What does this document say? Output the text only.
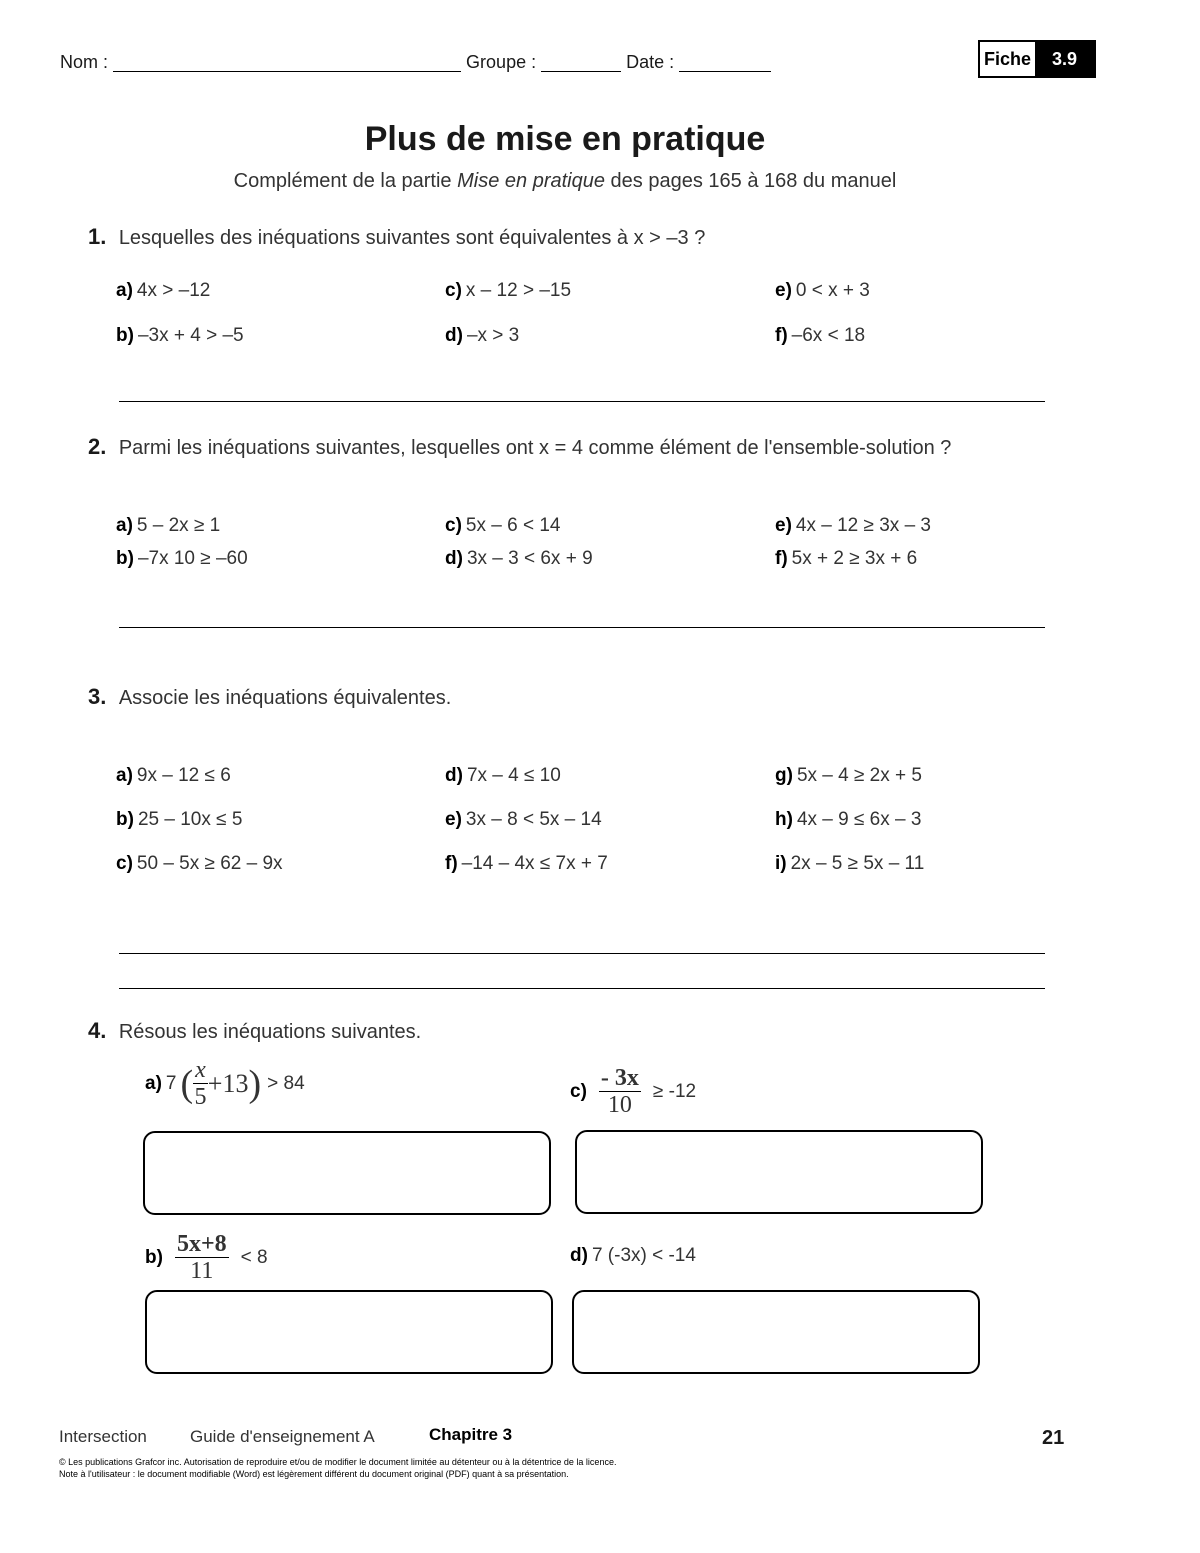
Nom :	Groupe :	Date :	Fiche	3.9
Plus de mise en pratique
Complément de la partie Mise en pratique des pages 165 à 168 du manuel
1. Lesquelles des inéquations suivantes sont équivalentes à x > –3 ?
a) 4x > –12	c) x – 12 > –15	e) 0 < x + 3
b) –3x + 4 > –5	d) –x > 3	f) –6x < 18
2. Parmi les inéquations suivantes, lesquelles ont x = 4 comme élément de l'ensemble-solution ?
a) 5 – 2x ≥ 1	c) 5x – 6 < 14	e) 4x – 12 ≥ 3x – 3
b) –7x 10 ≥ –60	d) 3x – 3 < 6x + 9	f) 5x + 2 ≥ 3x + 6
3. Associe les inéquations équivalentes.
a) 9x – 12 ≤ 6	d) 7x – 4 ≤ 10	g) 5x – 4 ≥ 2x + 5
b) 25 – 10x ≤ 5	e) 3x – 8 < 5x – 14	h) 4x – 9 ≤ 6x – 3
c) 50 – 5x ≥ 62 – 9x	f) –14 – 4x ≤ 7x + 7	i) 2x – 5 ≥ 5x – 11
4. Résous les inéquations suivantes.
a) 7 ( $\frac{x}{5} +13$ ) > 84	$c) \frac{- 3x}{10} \ge -12$
$b) \frac{5x+8}{11} < 8$	d) 7 (-3x) < -14
Intersection	Guide d'enseignement A	Chapitre 3	21
© Les publications Grafcor inc. Autorisation de reproduire et/ou de modifier le document limitée au détenteur ou à la détentrice de la licence.
Note à l'utilisateur : le document modifiable (Word) est légèrement différent du document original (PDF) quant à sa présentation.
